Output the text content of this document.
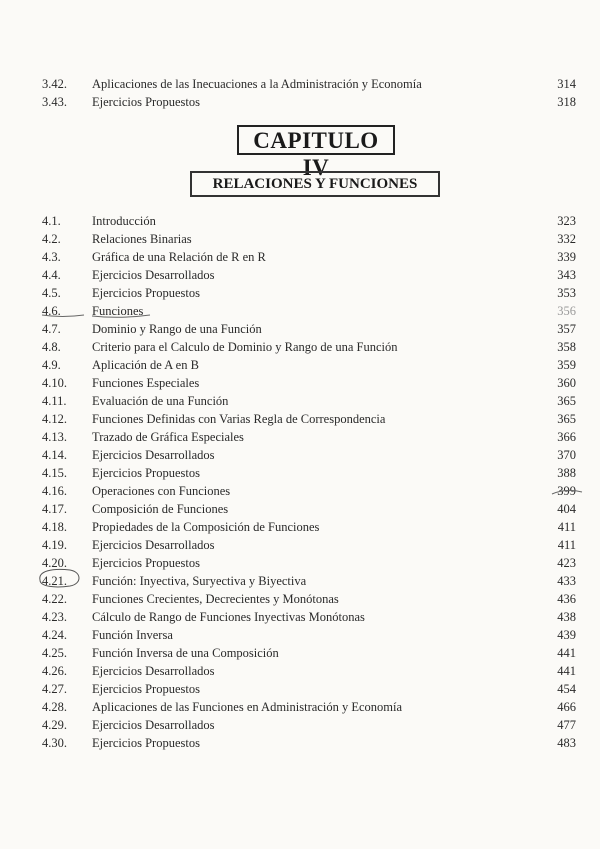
3.42. Aplicaciones de las Inecuaciones a la Administración y Economía	314
3.43. Ejercicios Propuestos	318
CAPITULO IV
RELACIONES Y FUNCIONES
4.1.	Introducción	323
4.2.	Relaciones Binarias	332
4.3.	Gráfica de una Relación de R en R	339
4.4.	Ejercicios Desarrollados	343
4.5.	Ejercicios Propuestos	353
4.6.	Funciones	356
4.7.	Dominio y Rango de una Función	357
4.8.	Criterio para el Calculo de Dominio y Rango de una Función	358
4.9.	Aplicación de A en B	359
4.10. Funciones Especiales	360
4.11. Evaluación de una Función	365
4.12. Funciones Definidas con Varias Regla de Correspondencia	365
4.13. Trazado de Gráfica Especiales	366
4.14. Ejercicios Desarrollados	370
4.15. Ejercicios Propuestos	388
4.16. Operaciones con Funciones	399
4.17. Composición de Funciones	404
4.18. Propiedades de la Composición de Funciones	411
4.19. Ejercicios Desarrollados	411
4.20. Ejercicios Propuestos	423
4.21. Función: Inyectiva, Suryectiva y Biyectiva	433
4.22. Funciones Crecientes, Decrecientes y Monótonas	436
4.23. Cálculo de Rango de Funciones Inyectivas Monótonas	438
4.24. Función Inversa	439
4.25. Función Inversa de una Composición	441
4.26. Ejercicios Desarrollados	441
4.27. Ejercicios Propuestos	454
4.28. Aplicaciones de las Funciones en Administración y Economía	466
4.29. Ejercicios Desarrollados	477
4.30. Ejercicios Propuestos	483
